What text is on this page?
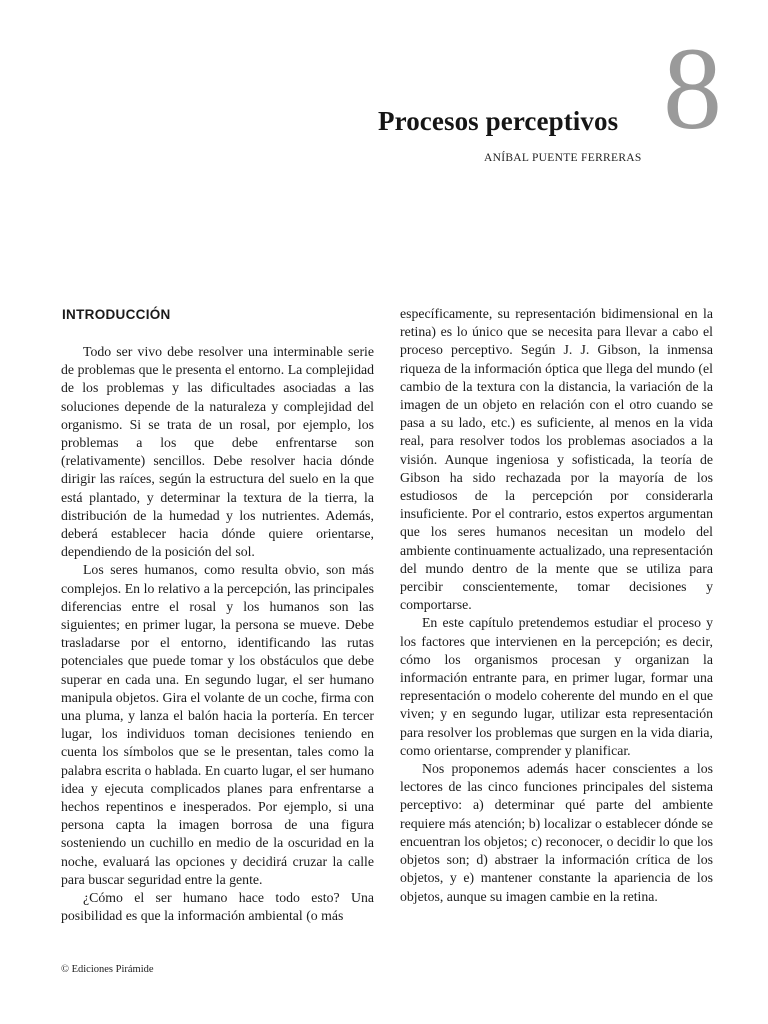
8
Procesos perceptivos
ANÍBAL PUENTE FERRERAS
INTRODUCCIÓN

Todo ser vivo debe resolver una interminable serie de problemas que le presenta el entorno. La complejidad de los problemas y las dificultades asociadas a las soluciones depende de la naturaleza y complejidad del organismo. Si se trata de un rosal, por ejemplo, los problemas a los que debe enfrentarse son (relativamente) sencillos. Debe resolver hacia dónde dirigir las raíces, según la estructura del suelo en la que está plantado, y determinar la textura de la tierra, la distribución de la humedad y los nutrientes. Además, deberá establecer hacia dónde quiere orientarse, dependiendo de la posición del sol.

Los seres humanos, como resulta obvio, son más complejos. En lo relativo a la percepción, las principales diferencias entre el rosal y los humanos son las siguientes; en primer lugar, la persona se mueve. Debe trasladarse por el entorno, identificando las rutas potenciales que puede tomar y los obstáculos que debe superar en cada una. En segundo lugar, el ser humano manipula objetos. Gira el volante de un coche, firma con una pluma, y lanza el balón hacia la portería. En tercer lugar, los individuos toman decisiones teniendo en cuenta los símbolos que se le presentan, tales como la palabra escrita o hablada. En cuarto lugar, el ser humano idea y ejecuta complicados planes para enfrentarse a hechos repentinos e inesperados. Por ejemplo, si una persona capta la imagen borrosa de una figura sosteniendo un cuchillo en medio de la oscuridad en la noche, evaluará las opciones y decidirá cruzar la calle para buscar seguridad entre la gente.

¿Cómo el ser humano hace todo esto? Una posibilidad es que la información ambiental (o más

específicamente, su representación bidimensional en la retina) es lo único que se necesita para llevar a cabo el proceso perceptivo. Según J. J. Gibson, la inmensa riqueza de la información óptica que llega del mundo (el cambio de la textura con la distancia, la variación de la imagen de un objeto en relación con el otro cuando se pasa a su lado, etc.) es suficiente, al menos en la vida real, para resolver todos los problemas asociados a la visión. Aunque ingeniosa y sofisticada, la teoría de Gibson ha sido rechazada por la mayoría de los estudiosos de la percepción por considerarla insuficiente. Por el contrario, estos expertos argumentan que los seres humanos necesitan un modelo del ambiente continuamente actualizado, una representación del mundo dentro de la mente que se utiliza para percibir conscientemente, tomar decisiones y comportarse.

En este capítulo pretendemos estudiar el proceso y los factores que intervienen en la percepción; es decir, cómo los organismos procesan y organizan la información entrante para, en primer lugar, formar una representación o modelo coherente del mundo en el que viven; y en segundo lugar, utilizar esta representación para resolver los problemas que surgen en la vida diaria, como orientarse, comprender y planificar.

Nos proponemos además hacer conscientes a los lectores de las cinco funciones principales del sistema perceptivo: a) determinar qué parte del ambiente requiere más atención; b) localizar o establecer dónde se encuentran los objetos; c) reconocer, o decidir lo que los objetos son; d) abstraer la información crítica de los objetos, y e) mantener constante la apariencia de los objetos, aunque su imagen cambie en la retina.

© Ediciones Pirámide
